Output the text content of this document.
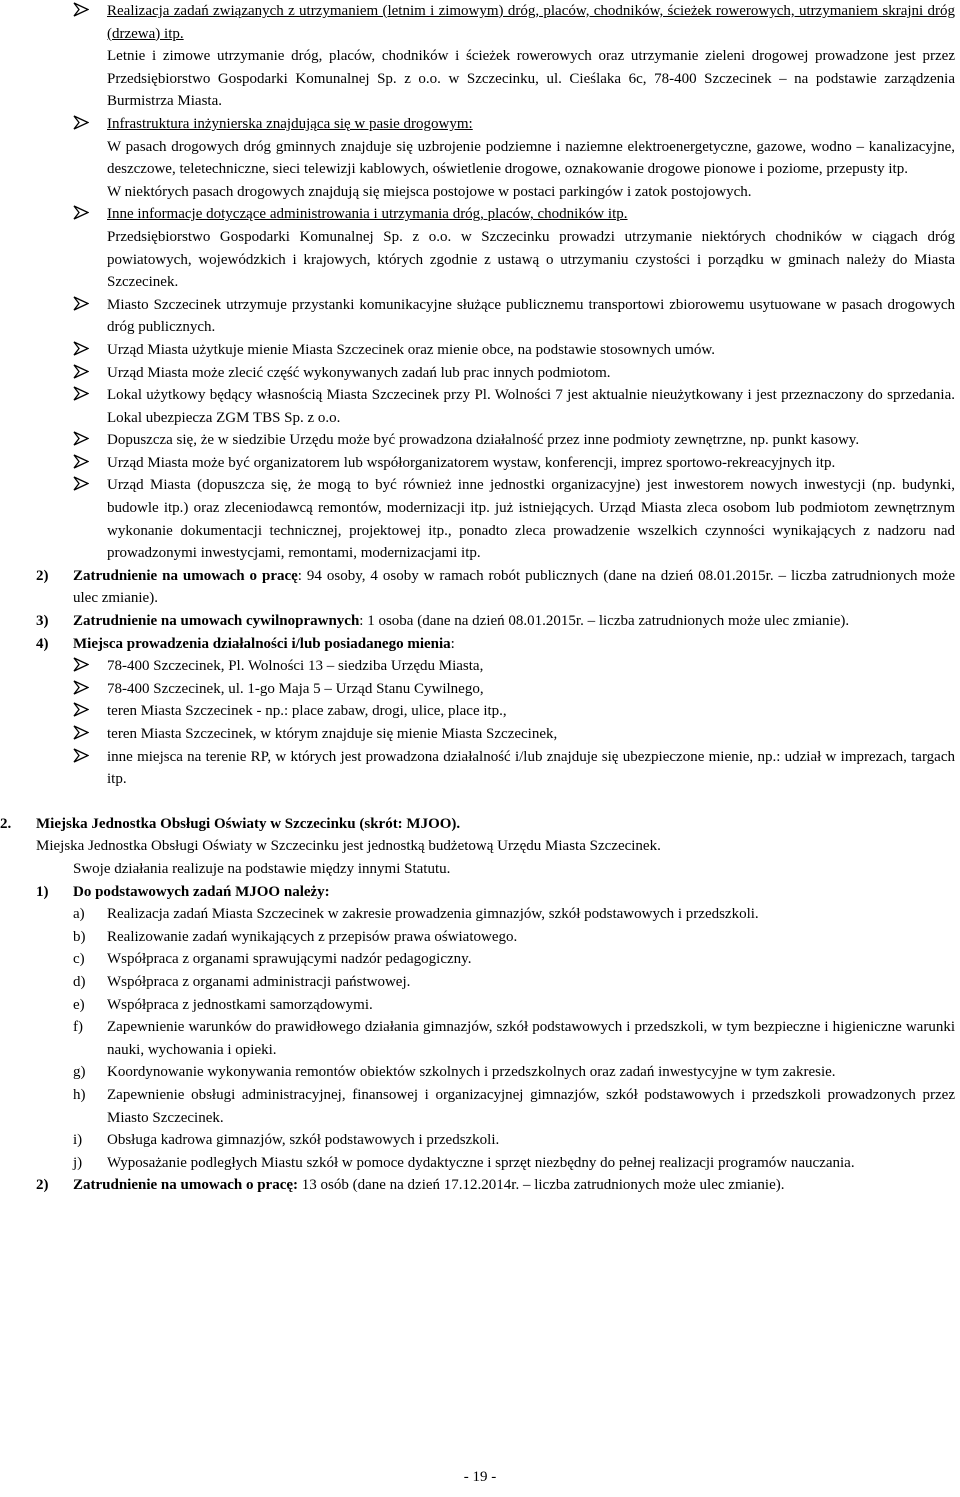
Realizacja zadań związanych z utrzymaniem (letnim i zimowym) dróg, placów, chodników, ścieżek rowerowych, utrzymaniem skrajni dróg (drzewa) itp.
Letnie i zimowe utrzymanie dróg, placów, chodników i ścieżek rowerowych oraz utrzymanie zieleni drogowej prowadzone jest przez Przedsiębiorstwo Gospodarki Komunalnej Sp. z o.o. w Szczecinku, ul. Cieślaka 6c, 78-400 Szczecinek – na podstawie zarządzenia Burmistrza Miasta.
Infrastruktura inżynierska znajdująca się w pasie drogowym:
W pasach drogowych dróg gminnych znajduje się uzbrojenie podziemne i naziemne elektroenergetyczne, gazowe, wodno – kanalizacyjne, deszczowe, teletechniczne, sieci telewizji kablowych, oświetlenie drogowe, oznakowanie drogowe pionowe i poziome, przepusty itp.
W niektórych pasach drogowych znajdują się miejsca postojowe w postaci parkingów i zatok postojowych.
Inne informacje dotyczące administrowania i utrzymania dróg, placów, chodników itp.
Przedsiębiorstwo Gospodarki Komunalnej Sp. z o.o. w Szczecinku prowadzi utrzymanie niektórych chodników w ciągach dróg powiatowych, wojewódzkich i krajowych, których zgodnie z ustawą o utrzymaniu czystości i porządku w gminach należy do Miasta Szczecinek.
Miasto Szczecinek utrzymuje przystanki komunikacyjne służące publicznemu transportowi zbiorowemu usytuowane w pasach drogowych dróg publicznych.
Urząd Miasta użytkuje mienie Miasta Szczecinek oraz mienie obce, na podstawie stosownych umów.
Urząd Miasta może zlecić część wykonywanych zadań lub prac innych podmiotom.
Lokal użytkowy będący własnością Miasta Szczecinek przy Pl. Wolności 7 jest aktualnie nieużytkowany i jest przeznaczony do sprzedania. Lokal ubezpiecza ZGM TBS Sp. z o.o.
Dopuszcza się, że w siedzibie Urzędu może być prowadzona działalność przez inne podmioty zewnętrzne, np. punkt kasowy.
Urząd Miasta może być organizatorem lub współorganizatorem wystaw, konferencji, imprez sportowo-rekreacyjnych itp.
Urząd Miasta (dopuszcza się, że mogą to być również inne jednostki organizacyjne) jest inwestorem nowych inwestycji (np. budynki, budowle itp.) oraz zleceniodawcą remontów, modernizacji itp. już istniejących. Urząd Miasta zleca osobom lub podmiotom zewnętrznym wykonanie dokumentacji technicznej, projektowej itp., ponadto zleca prowadzenie wszelkich czynności wynikających z nadzoru nad prowadzonymi inwestycjami, remontami, modernizacjami itp.
2) Zatrudnienie na umowach o pracę: 94 osoby, 4 osoby w ramach robót publicznych (dane na dzień 08.01.2015r. – liczba zatrudnionych może ulec zmianie).
3) Zatrudnienie na umowach cywilnoprawnych: 1 osoba (dane na dzień 08.01.2015r. – liczba zatrudnionych może ulec zmianie).
4) Miejsca prowadzenia działalności i/lub posiadanego mienia:
78-400 Szczecinek, Pl. Wolności 13 – siedziba Urzędu Miasta,
78-400 Szczecinek, ul. 1-go Maja 5 – Urząd Stanu Cywilnego,
teren Miasta Szczecinek - np.: place zabaw, drogi, ulice, place itp.,
teren Miasta Szczecinek, w którym znajduje się mienie Miasta Szczecinek,
inne miejsca na terenie RP, w których jest prowadzona działalność i/lub znajduje się ubezpieczone mienie, np.: udział w imprezach, targach itp.
2. Miejska Jednostka Obsługi Oświaty w Szczecinku (skrót: MJOO).
Miejska Jednostka Obsługi Oświaty w Szczecinku jest jednostką budżetową Urzędu Miasta Szczecinek.
Swoje działania realizuje na podstawie między innymi Statutu.
1) Do podstawowych zadań MJOO należy:
a) Realizacja zadań Miasta Szczecinek w zakresie prowadzenia gimnazjów, szkół podstawowych i przedszkoli.
b) Realizowanie zadań wynikających z przepisów prawa oświatowego.
c) Współpraca z organami sprawującymi nadzór pedagogiczny.
d) Współpraca z organami administracji państwowej.
e) Współpraca z jednostkami samorządowymi.
f) Zapewnienie warunków do prawidłowego działania gimnazjów, szkół podstawowych i przedszkoli, w tym bezpieczne i higieniczne warunki nauki, wychowania i opieki.
g) Koordynowanie wykonywania remontów obiektów szkolnych i przedszkolnych oraz zadań inwestycyjne w tym zakresie.
h) Zapewnienie obsługi administracyjnej, finansowej i organizacyjnej gimnazjów, szkół podstawowych i przedszkoli prowadzonych przez Miasto Szczecinek.
i) Obsługa kadrowa gimnazjów, szkół podstawowych i przedszkoli.
j) Wyposażanie podległych Miastu szkół w pomoce dydaktyczne i sprzęt niezbędny do pełnej realizacji programów nauczania.
2) Zatrudnienie na umowach o pracę: 13 osób (dane na dzień 17.12.2014r. – liczba zatrudnionych może ulec zmianie).
- 19 -
